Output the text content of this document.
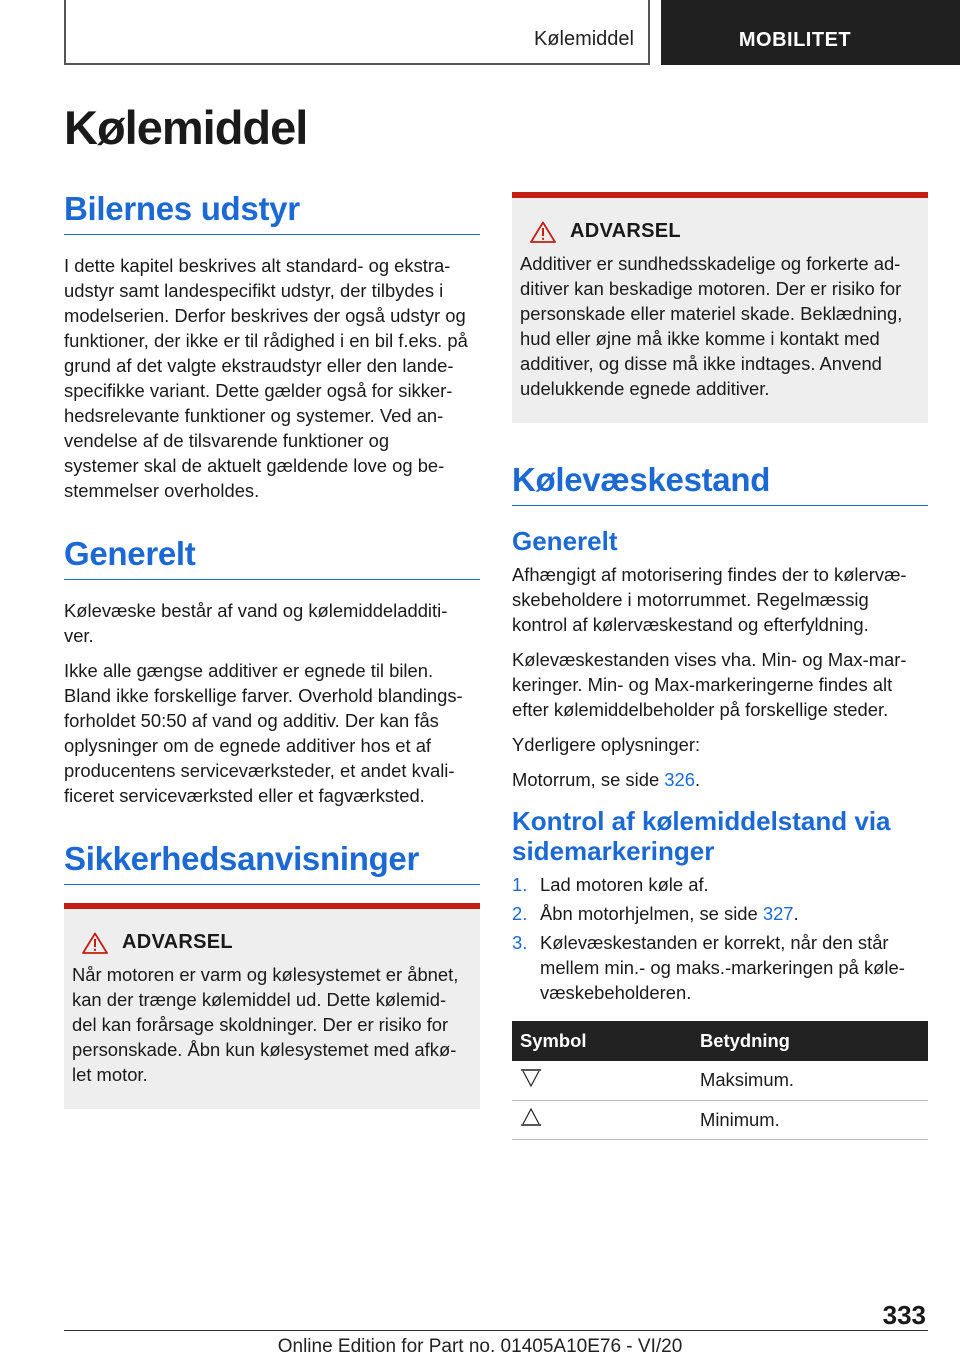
Kølemiddel	MOBILITET
Kølemiddel
Bilernes udstyr

I dette kapitel beskrives alt standard- og ekstra-
udstyr samt landespecifikt udstyr, der tilbydes i
modelserien. Derfor beskrives der også udstyr og
funktioner, der ikke er til rådighed i en bil f.eks. på
grund af det valgte ekstraudstyr eller den lande-
specifikke variant. Dette gælder også for sikker-
hedsrelevante funktioner og systemer. Ved an-
vendelse af de tilsvarende funktioner og
systemer skal de aktuelt gældende love og be-
stemmelser overholdes.

Generelt

Kølevæske består af vand og kølemiddeladditi-
ver.

Ikke alle gængse additiver er egnede til bilen.
Bland ikke forskellige farver. Overhold blandings-
forholdet 50:50 af vand og additiv. Der kan fås
oplysninger om de egnede additiver hos et af
producentens serviceværksteder, et andet kvali-
ficeret serviceværksted eller et fagværksted.

Sikkerhedsanvisninger
ADVARSEL

Når motoren er varm og kølesystemet er åbnet,
kan der trænge kølemiddel ud. Dette kølemid-
del kan forårsage skoldninger. Der er risiko for
personskade. Åbn kun kølesystemet med afkø-
let motor.

ADVARSEL

Additiver er sundhedsskadelige og forkerte ad-
ditiver kan beskadige motoren. Der er risiko for
personskade eller materiel skade. Beklædning,
hud eller øjne må ikke komme i kontakt med
additiver, og disse må ikke indtages. Anvend
udelukkende egnede additiver.

Kølevæskestand
Generelt

Afhængigt af motorisering findes der to kølervæ-
skebeholdere i motorrummet. Regelmæssig
kontrol af kølervæskestand og efterfyldning.

Kølevæskestanden vises vha. Min- og Max-mar-
keringer. Min- og Max-markeringerne findes alt
efter kølemiddelbeholder på forskellige steder.

Yderligere oplysninger:

Motorrum, se side 326.

Kontrol af kølemiddelstand via
sidemarkeringer
1. Lad motoren køle af.
2. Åbn motorhjelmen, se side 327.
3. Kølevæskestanden er korrekt, når den står
mellem min.- og maks.-markeringen på køle-
væskebeholderen.
Symbol	Betydning
	Maksimum.
	Minimum.
333
Online Edition for Part no. 01405A10E76 - VI/20
